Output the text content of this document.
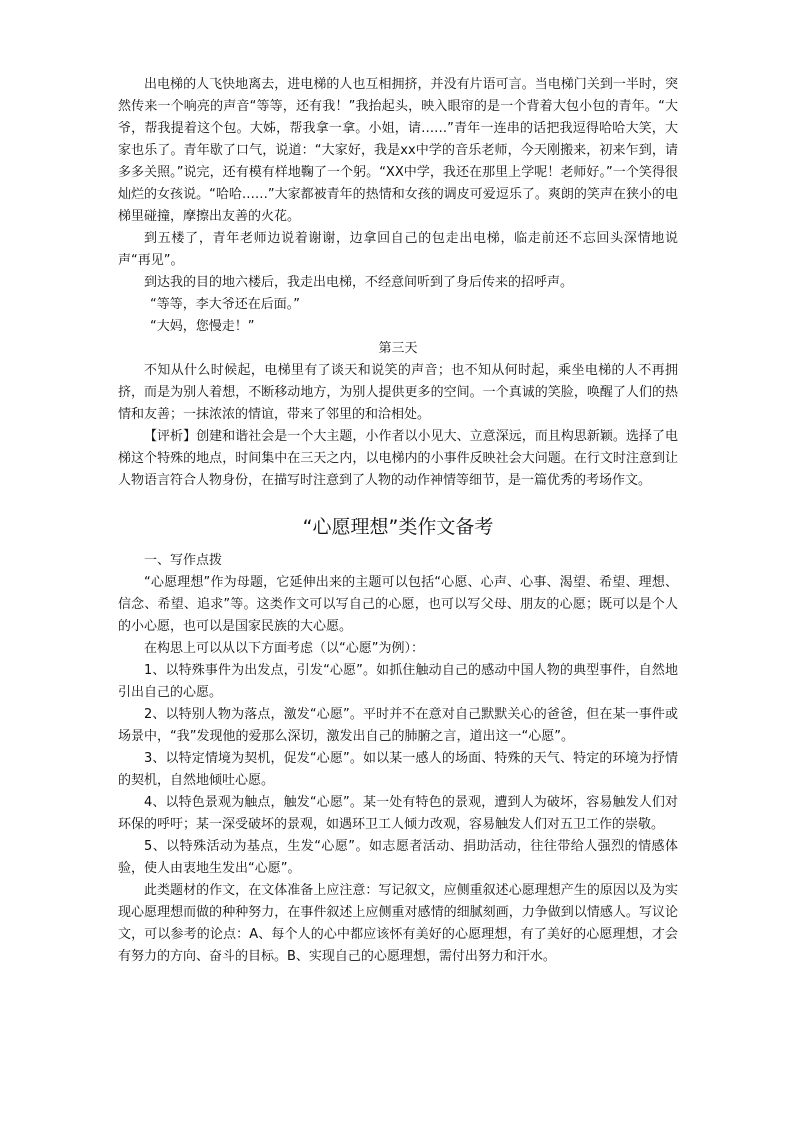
出电梯的人飞快地离去，进电梯的人也互相拥挤，并没有片语可言。当电梯门关到一半时，突然传来一个响亮的声音“等等，还有我！”我抬起头，映入眼帘的是一个背着大包小包的青年。“大爷，帮我提着这个包。大姊，帮我拿一拿。小姐，请……”青年一连串的话把我逗得哈哈大笑，大家也乐了。青年歇了口气，说道：“大家好，我是xx中学的音乐老师，今天刚搬来，初来乍到，请多多关照。”说完，还有模有样地鞠了一个躬。“XX中学，我还在那里上学呢！老师好。”一个笑得很灿烂的女孩说。“哈哈……”大家都被青年的热情和女孩的调皮可爱逗乐了。爽朗的笑声在狭小的电梯里碰撞，摩擦出友善的火花。

到五楼了，青年老师边说着谢谢，边拿回自己的包走出电梯，临走前还不忘回头深情地说声“再见”。

到达我的目的地六楼后，我走出电梯，不经意间听到了身后传来的招呼声。

“等等，李大爷还在后面。”

“大妈，您慢走！”

第三天

不知从什么时候起，电梯里有了谈天和说笑的声音；也不知从何时起，乘坐电梯的人不再拥挤，而是为别人着想，不断移动地方，为别人提供更多的空间。一个真诚的笑脸，唤醒了人们的热情和友善；一抹浓浓的情谊，带来了邻里的和洽相处。

【评析】创建和谐社会是一个大主题，小作者以小见大、立意深远，而且构思新颖。选择了电梯这个特殊的地点，时间集中在三天之内，以电梯内的小事件反映社会大问题。在行文时注意到让人物语言符合人物身份，在描写时注意到了人物的动作神情等细节，是一篇优秀的考场作文。

“心愿理想”类作文备考

一、写作点拨

“心愿理想”作为母题，它延伸出来的主题可以包括“心愿、心声、心事、渴望、希望、理想、信念、希望、追求”等。这类作文可以写自己的心愿，也可以写父母、朋友的心愿；既可以是个人的小心愿，也可以是国家民族的大心愿。

在构思上可以从以下方面考虑（以“心愿”为例）：

1、以特殊事件为出发点，引发“心愿”。如抓住触动自己的感动中国人物的典型事件，自然地引出自己的心愿。

2、以特别人物为落点，激发“心愿”。平时并不在意对自己默默关心的爸爸，但在某一事件或场景中，“我”发现他的爱那么深切，激发出自己的肺腑之言，道出这一“心愿”。

3、以特定情境为契机，促发“心愿”。如以某一感人的场面、特殊的天气、特定的环境为抒情的契机，自然地倾吐心愿。

4、以特色景观为触点，触发“心愿”。某一处有特色的景观，遭到人为破坏，容易触发人们对环保的呼吁；某一深受破坏的景观，如遇环卫工人倾力改观，容易触发人们对五卫工作的崇敬。

5、以特殊活动为基点，生发“心愿”。如志愿者活动、捐助活动，往往带给人强烈的情感体验，使人由衷地生发出“心愿”。

此类题材的作文，在文体准备上应注意：写记叙文，应侧重叙述心愿理想产生的原因以及为实现心愿理想而做的种种努力，在事件叙述上应侧重对感情的细腻刻画，力争做到以情感人。写议论文，可以参考的论点：A、每个人的心中都应该怀有美好的心愿理想，有了美好的心愿理想，才会有努力的方向、奋斗的目标。B、实现自己的心愿理想，需付出努力和汗水。
